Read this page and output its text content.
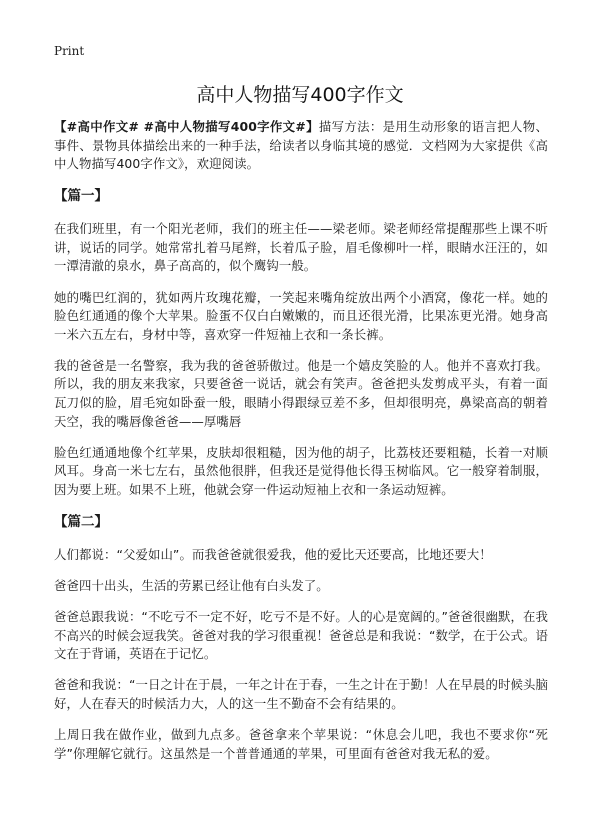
Print
高中人物描写400字作文

【#高中作文# #高中人物描写400字作文#】描写方法：是用生动形象的语言把人物、事件、景物具体描绘出来的一种手法，给读者以身临其境的感觉．文档网为大家提供《高中人物描写400字作文》，欢迎阅读。

【篇一】

在我们班里，有一个阳光老师，我们的班主任——梁老师。梁老师经常提醒那些上课不听讲，说话的同学。她常常扎着马尾辫，长着瓜子脸，眉毛像柳叶一样，眼睛水汪汪的，如一潭清澈的泉水，鼻子高高的，似个鹰钩一般。

她的嘴巴红润的，犹如两片玫瑰花瓣，一笑起来嘴角绽放出两个小酒窝，像花一样。她的脸色红通通的像个大苹果。脸蛋不仅白白嫩嫩的，而且还很光滑，比果冻更光滑。她身高一米六五左右，身材中等，喜欢穿一件短袖上衣和一条长裤。

我的爸爸是一名警察，我为我的爸爸骄傲过。他是一个嬉皮笑脸的人。他并不喜欢打我。所以，我的朋友来我家，只要爸爸一说话，就会有笑声。爸爸把头发剪成平头，有着一面瓦刀似的脸，眉毛宛如卧蚕一般，眼睛小得跟绿豆差不多，但却很明亮，鼻梁高高的朝着天空，我的嘴唇像爸爸——厚嘴唇

脸色红通通地像个红苹果，皮肤却很粗糙，因为他的胡子，比荔枝还要粗糙，长着一对顺风耳。身高一米七左右，虽然他很胖，但我还是觉得他长得玉树临风。它一般穿着制服，因为要上班。如果不上班，他就会穿一件运动短袖上衣和一条运动短裤。

【篇二】

人们都说：“父爱如山”。而我爸爸就很爱我，他的爱比天还要高，比地还要大！

爸爸四十出头，生活的劳累已经让他有白头发了。

爸爸总跟我说：“不吃亏不一定不好，吃亏不是不好。人的心是宽阔的。”爸爸很幽默，在我不高兴的时候会逗我笑。爸爸对我的学习很重视！爸爸总是和我说：“数学，在于公式。语文在于背诵，英语在于记忆。

爸爸和我说：“一日之计在于晨，一年之计在于春，一生之计在于勤！人在早晨的时候头脑好，人在春天的时候活力大，人的这一生不勤奋不会有结果的。

上周日我在做作业，做到九点多。爸爸拿来个苹果说：“休息会儿吧，我也不要求你“死学”你理解它就行。这虽然是一个普普通通的苹果，可里面有爸爸对我无私的爱。
